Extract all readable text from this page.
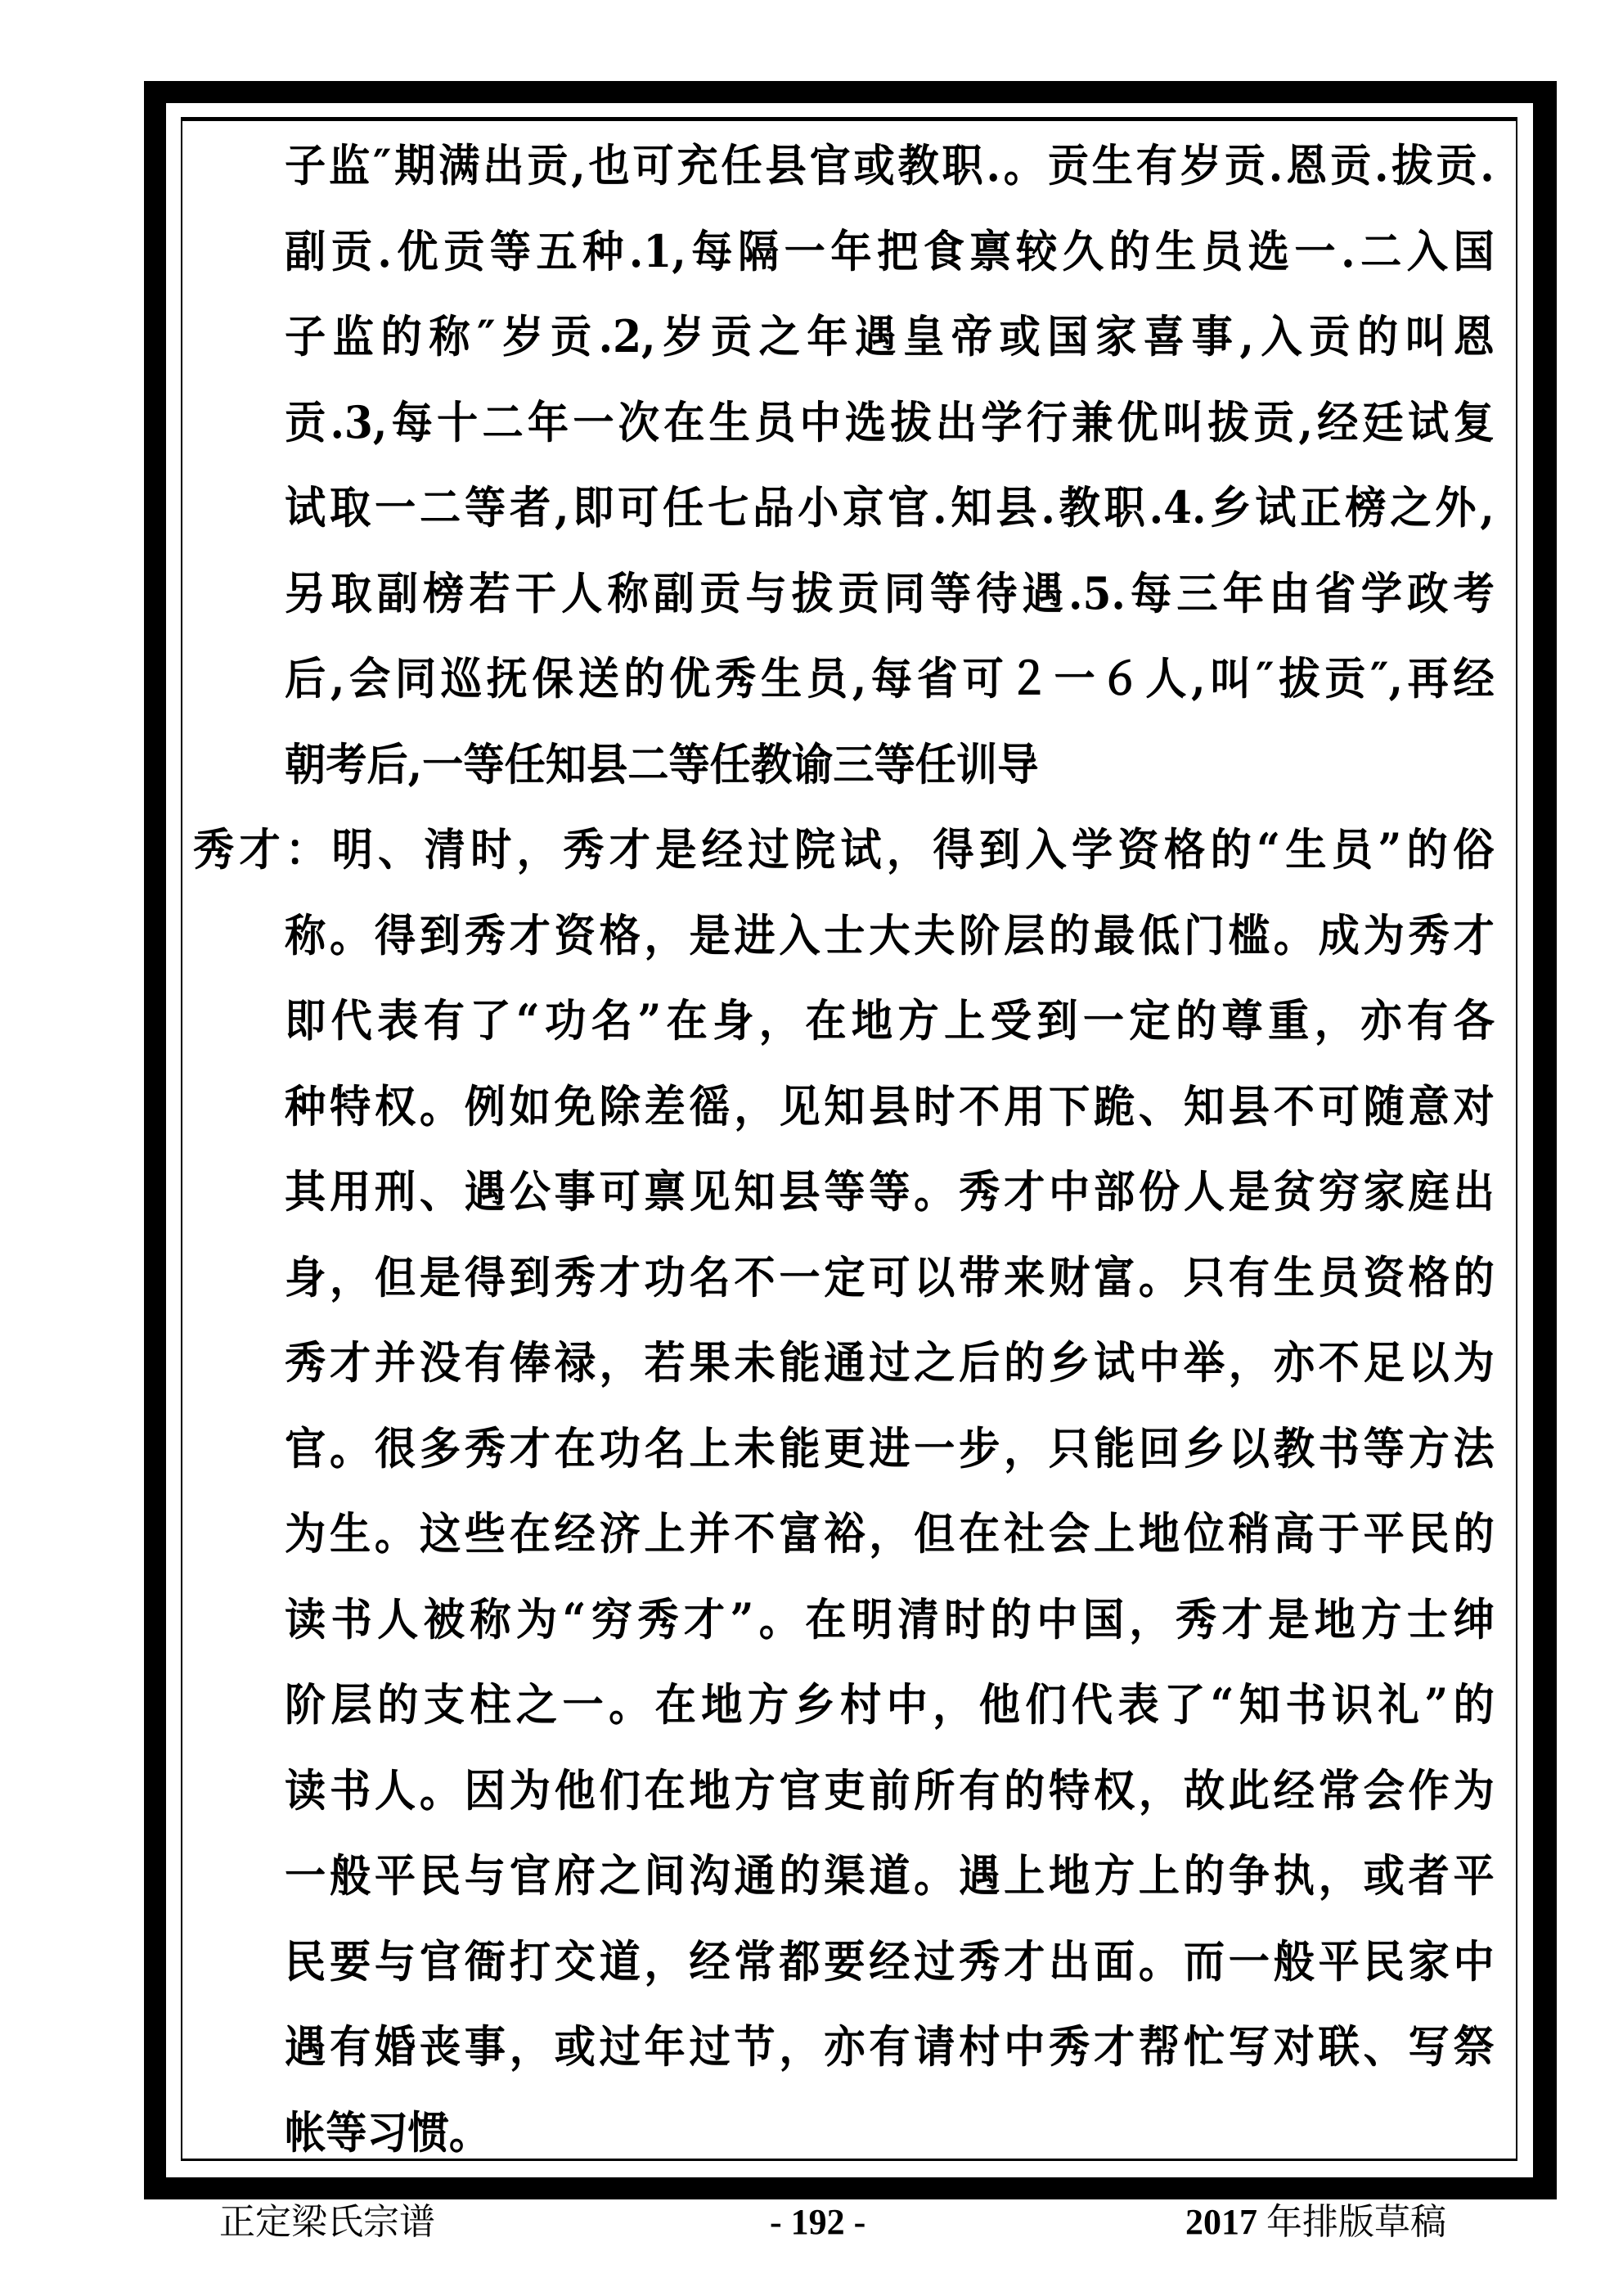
子监″期满出贡,也可充任县官或教职.。贡生有岁贡.恩贡.拔贡.
副贡.优贡等五种.1,每隔一年把食禀较久的生员选一.二入国
子监的称″岁贡.2,岁贡之年遇皇帝或国家喜事,入贡的叫恩
贡.3,每十二年一次在生员中选拔出学行兼优叫拔贡,经廷试复
试取一二等者,即可任七品小京官.知县.教职.4.乡试正榜之外,
另取副榜若干人称副贡与拔贡同等待遇.5.每三年由省学政考
后,会同巡抚保送的优秀生员,每省可２一６人,叫″拔贡″,再经
朝考后,一等任知县二等任教谕三等任训导
秀才：明、清时，秀才是经过院试，得到入学资格的“生员”的俗
称。得到秀才资格，是进入士大夫阶层的最低门槛。成为秀才
即代表有了“功名”在身，在地方上受到一定的尊重，亦有各
种特权。例如免除差徭，见知县时不用下跪、知县不可随意对
其用刑、遇公事可禀见知县等等。秀才中部份人是贫穷家庭出
身，但是得到秀才功名不一定可以带来财富。只有生员资格的
秀才并没有俸禄，若果未能通过之后的乡试中举，亦不足以为
官。很多秀才在功名上未能更进一步，只能回乡以教书等方法
为生。这些在经济上并不富裕，但在社会上地位稍高于平民的
读书人被称为“穷秀才”。在明清时的中国，秀才是地方士绅
阶层的支柱之一。在地方乡村中，他们代表了“知书识礼”的
读书人。因为他们在地方官吏前所有的特权，故此经常会作为
一般平民与官府之间沟通的渠道。遇上地方上的争执，或者平
民要与官衙打交道，经常都要经过秀才出面。而一般平民家中
遇有婚丧事，或过年过节，亦有请村中秀才帮忙写对联、写祭
帐等习惯。
正定梁氏宗谱	- 192 -	2017 年排版草稿
